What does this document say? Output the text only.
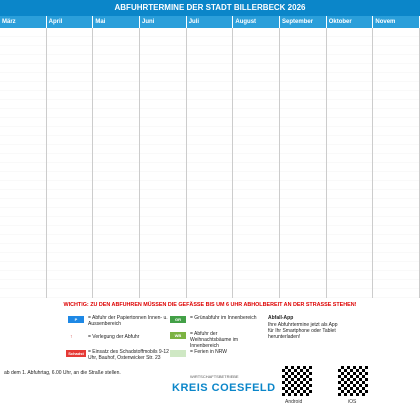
ABFUHRTERMINE DER STADT BILLERBECK 2026
März	April	Mai	Juni	Juli	August	September	Oktober	Novem
WICHTIG: ZU DEN ABFUHREN MÜSSEN DIE GEFÄSSE BIS UM 6 UHR ABHOLBEREIT AN DER STRASSE STEHEN!
P	= Abfuhr der Papiertonnen Innen- u. Aussenbereich
↑	= Verlegung der Abfuhr
Schadst = Einsatz des Schadstoffmobils 9-12 Uhr, Bauhof, Ostenwicker Str. 23
GR	= Grünabfuhr im Innenbereich
WB	= Abfuhr der Weihnachtsbäume im Innenbereich
= Ferien in NRW
ab dem 1. Abfuhrtag, 6.00 Uhr, an die Straße stellen.
Abfall-App
Ihre Abfuhrtermine jetzt als App für Ihr Smartphone oder Tablet herunterladen!
WIRTSCHAFTSBETRIEBE
KREIS COESFELD
Android	iOS
